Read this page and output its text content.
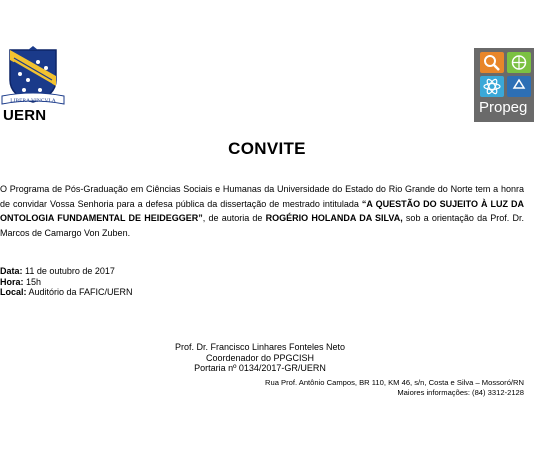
LIBERA VINCVLA
UERN	Propeg
CONVITE
O Programa de Pós-Graduação em Ciências Sociais e Humanas da Universidade do Estado do Rio Grande do Norte tem a honra de convidar Vossa Senhoria para a defesa pública da dissertação de mestrado intitulada “A QUESTÃO DO SUJEITO À LUZ DA ONTOLOGIA FUNDAMENTAL DE HEIDEGGER”, de autoria de ROGÉRIO HOLANDA DA SILVA, sob a orientação da Prof. Dr. Marcos de Camargo Von Zuben.
Data: 11 de outubro de 2017
Hora: 15h
Local: Auditório da FAFIC/UERN
Prof. Dr. Francisco Linhares Fonteles Neto
Coordenador do PPGCISH
Portaria nº 0134/2017-GR/UERN
Rua Prof. Antônio Campos, BR 110, KM 46, s/n, Costa e Silva – Mossoró/RN
Maiores informações: (84) 3312-2128
